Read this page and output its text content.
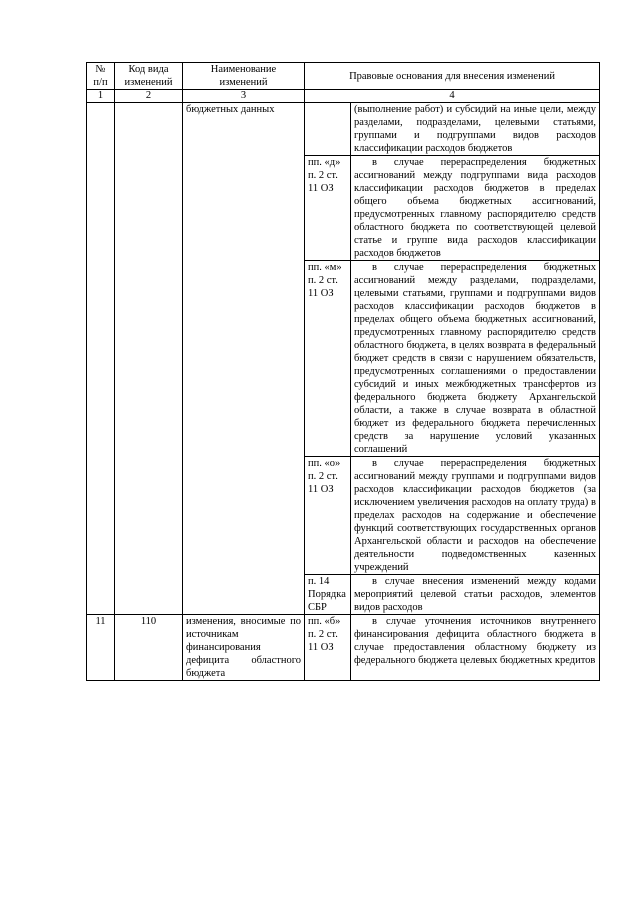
№ п/п	Код вида изменений	Наименование изменений	Правовые основания для внесения изменений	
1	2	3	4	
		бюджетных данных		(выполнение работ) и субсидий на иные цели, между разделами, подразделами, целевыми статьями, группами и подгруппами видов расходов классификации расходов бюджетов
			пп. «д» п. 2 ст. 11 ОЗ	в случае перераспределения бюджетных ассигнований между подгруппами вида расходов классификации расходов бюджетов в пределах общего объема бюджетных ассигнований, предусмотренных главному распорядителю средств областного бюджета по соответствующей целевой статье и группе вида расходов классификации расходов бюджетов
			пп. «м» п. 2 ст. 11 ОЗ	в случае перераспределения бюджетных ассигнований между разделами, подразделами, целевыми статьями, группами и подгруппами видов расходов классификации расходов бюджетов в пределах общего объема бюджетных ассигнований, предусмотренных главному распорядителю средств областного бюджета, в целях возврата в федеральный бюджет средств в связи с нарушением обязательств, предусмотренных соглашениями о предоставлении субсидий и иных межбюджетных трансфертов из федерального бюджета бюджету Архангельской области, а также в случае возврата в областной бюджет из федерального бюджета перечисленных средств за нарушение условий указанных соглашений
			пп. «о» п. 2 ст. 11 ОЗ	в случае перераспределения бюджетных ассигнований между группами и подгруппами видов расходов классификации расходов бюджетов (за исключением увеличения расходов на оплату труда) в пределах расходов на содержание и обеспечение функций соответствующих государственных органов Архангельской области и расходов на обеспечение деятельности подведомственных казенных учреждений
			п. 14 Порядка СБР	в случае внесения изменений между кодами мероприятий целевой статьи расходов, элементов видов расходов
11	110	изменения, вносимые по источникам финансирования дефицита областного бюджета	пп. «б» п. 2 ст. 11 ОЗ	в случае уточнения источников внутреннего финансирования дефицита областного бюджета в случае предоставления областному бюджету из федерального бюджета целевых бюджетных кредитов
